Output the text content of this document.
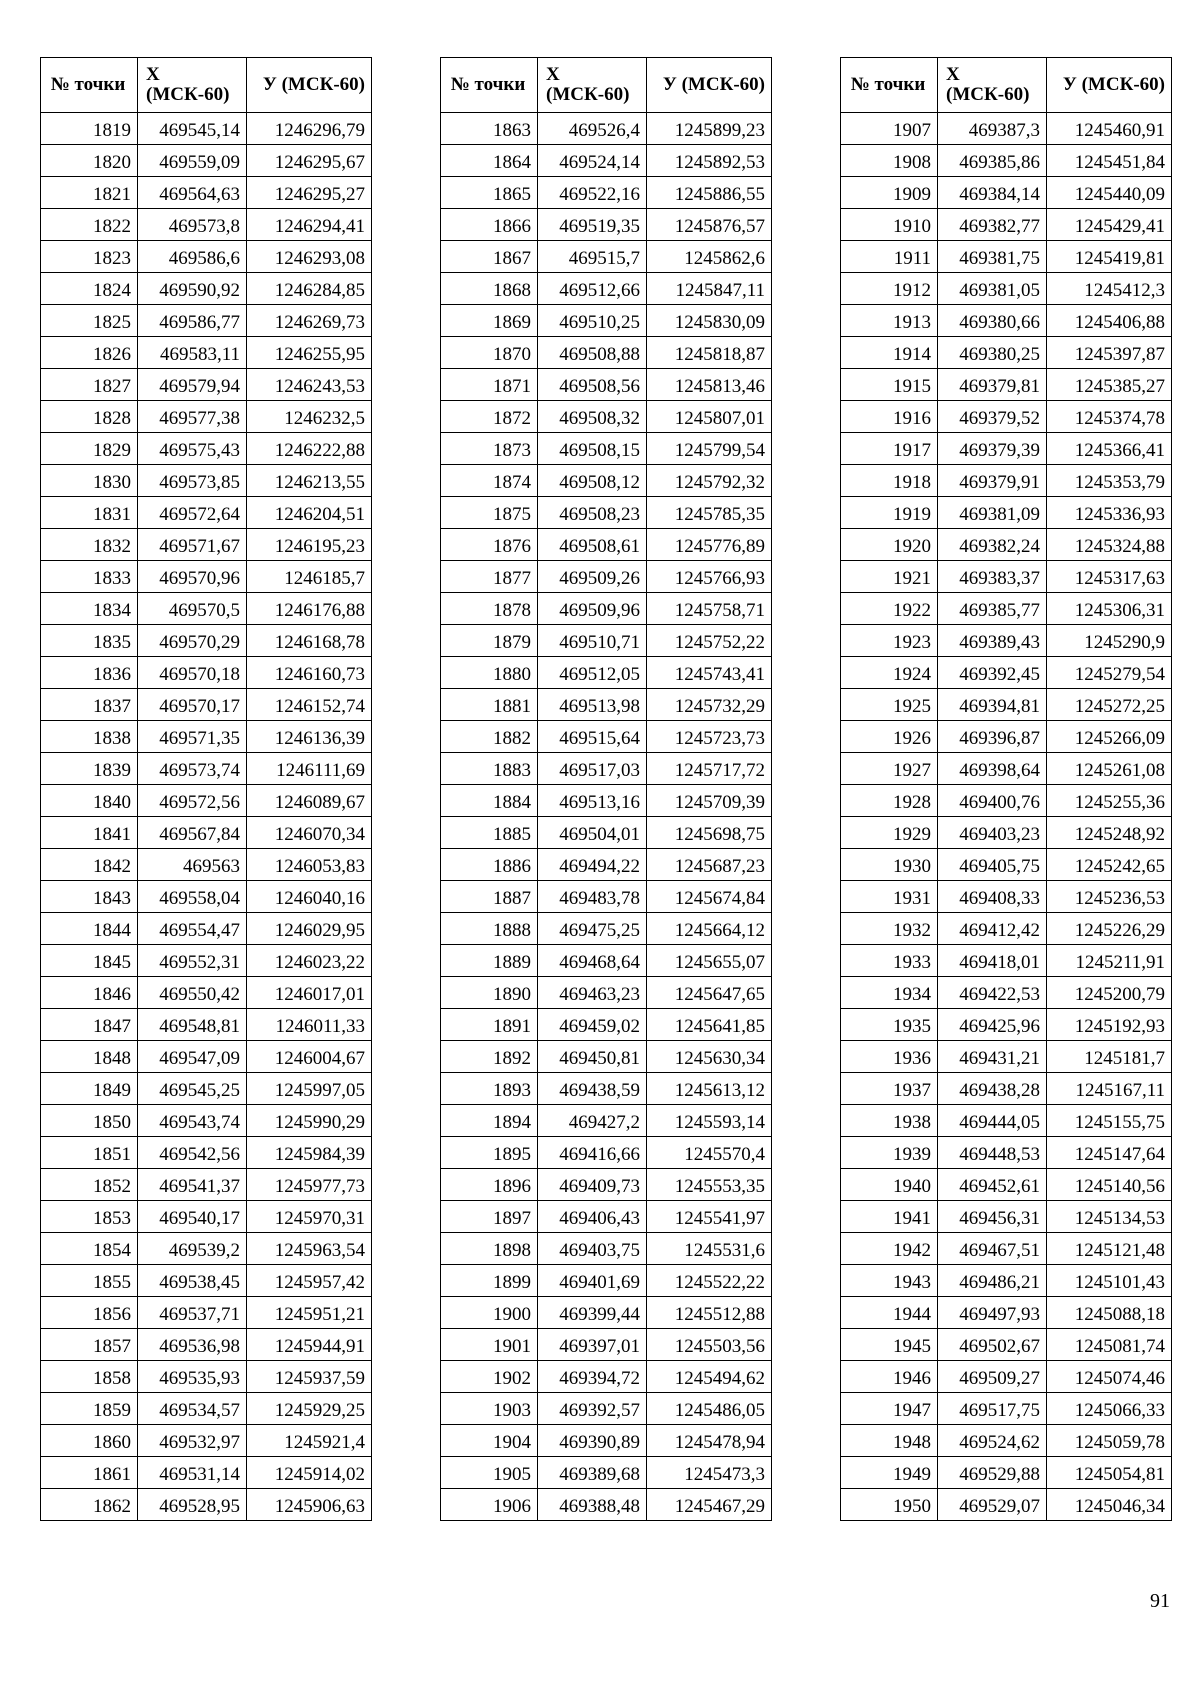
№ точки	X (МСК-60)	У (МСК-60)
1819	469545,14	1246296,79
1820	469559,09	1246295,67
1821	469564,63	1246295,27
1822	469573,8	1246294,41
1823	469586,6	1246293,08
1824	469590,92	1246284,85
1825	469586,77	1246269,73
1826	469583,11	1246255,95
1827	469579,94	1246243,53
1828	469577,38	1246232,5
1829	469575,43	1246222,88
1830	469573,85	1246213,55
1831	469572,64	1246204,51
1832	469571,67	1246195,23
1833	469570,96	1246185,7
1834	469570,5	1246176,88
1835	469570,29	1246168,78
1836	469570,18	1246160,73
1837	469570,17	1246152,74
1838	469571,35	1246136,39
1839	469573,74	1246111,69
1840	469572,56	1246089,67
1841	469567,84	1246070,34
1842	469563	1246053,83
1843	469558,04	1246040,16
1844	469554,47	1246029,95
1845	469552,31	1246023,22
1846	469550,42	1246017,01
1847	469548,81	1246011,33
1848	469547,09	1246004,67
1849	469545,25	1245997,05
1850	469543,74	1245990,29
1851	469542,56	1245984,39
1852	469541,37	1245977,73
1853	469540,17	1245970,31
1854	469539,2	1245963,54
1855	469538,45	1245957,42
1856	469537,71	1245951,21
1857	469536,98	1245944,91
1858	469535,93	1245937,59
1859	469534,57	1245929,25
1860	469532,97	1245921,4
1861	469531,14	1245914,02
1862	469528,95	1245906,63
№ точки	X (МСК-60)	У (МСК-60)
1863	469526,4	1245899,23
1864	469524,14	1245892,53
1865	469522,16	1245886,55
1866	469519,35	1245876,57
1867	469515,7	1245862,6
1868	469512,66	1245847,11
1869	469510,25	1245830,09
1870	469508,88	1245818,87
1871	469508,56	1245813,46
1872	469508,32	1245807,01
1873	469508,15	1245799,54
1874	469508,12	1245792,32
1875	469508,23	1245785,35
1876	469508,61	1245776,89
1877	469509,26	1245766,93
1878	469509,96	1245758,71
1879	469510,71	1245752,22
1880	469512,05	1245743,41
1881	469513,98	1245732,29
1882	469515,64	1245723,73
1883	469517,03	1245717,72
1884	469513,16	1245709,39
1885	469504,01	1245698,75
1886	469494,22	1245687,23
1887	469483,78	1245674,84
1888	469475,25	1245664,12
1889	469468,64	1245655,07
1890	469463,23	1245647,65
1891	469459,02	1245641,85
1892	469450,81	1245630,34
1893	469438,59	1245613,12
1894	469427,2	1245593,14
1895	469416,66	1245570,4
1896	469409,73	1245553,35
1897	469406,43	1245541,97
1898	469403,75	1245531,6
1899	469401,69	1245522,22
1900	469399,44	1245512,88
1901	469397,01	1245503,56
1902	469394,72	1245494,62
1903	469392,57	1245486,05
1904	469390,89	1245478,94
1905	469389,68	1245473,3
1906	469388,48	1245467,29
№ точки	X (МСК-60)	У (МСК-60)
1907	469387,3	1245460,91
1908	469385,86	1245451,84
1909	469384,14	1245440,09
1910	469382,77	1245429,41
1911	469381,75	1245419,81
1912	469381,05	1245412,3
1913	469380,66	1245406,88
1914	469380,25	1245397,87
1915	469379,81	1245385,27
1916	469379,52	1245374,78
1917	469379,39	1245366,41
1918	469379,91	1245353,79
1919	469381,09	1245336,93
1920	469382,24	1245324,88
1921	469383,37	1245317,63
1922	469385,77	1245306,31
1923	469389,43	1245290,9
1924	469392,45	1245279,54
1925	469394,81	1245272,25
1926	469396,87	1245266,09
1927	469398,64	1245261,08
1928	469400,76	1245255,36
1929	469403,23	1245248,92
1930	469405,75	1245242,65
1931	469408,33	1245236,53
1932	469412,42	1245226,29
1933	469418,01	1245211,91
1934	469422,53	1245200,79
1935	469425,96	1245192,93
1936	469431,21	1245181,7
1937	469438,28	1245167,11
1938	469444,05	1245155,75
1939	469448,53	1245147,64
1940	469452,61	1245140,56
1941	469456,31	1245134,53
1942	469467,51	1245121,48
1943	469486,21	1245101,43
1944	469497,93	1245088,18
1945	469502,67	1245081,74
1946	469509,27	1245074,46
1947	469517,75	1245066,33
1948	469524,62	1245059,78
1949	469529,88	1245054,81
1950	469529,07	1245046,34
91
